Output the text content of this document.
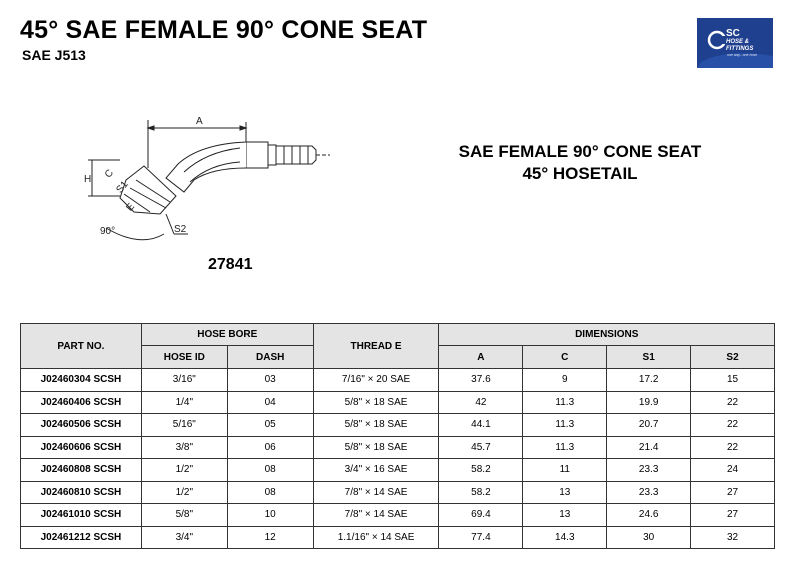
45° SAE FEMALE 90° CONE SEAT
SAE J513
SC
HOSE &
FITTINGS
one way...one hose
A
H C
S1
E
S2
90°
27841
SAE FEMALE 90° CONE SEAT
45° HOSETAIL
PART NO.	HOSE BORE		THREAD E	DIMENSIONS			
	HOSE ID	DASH		A	C	S1	S2
J02460304 SCSH	3/16"	03	7/16" × 20 SAE	37.6	9	17.2	15
J02460406 SCSH	1/4"	04	5/8" × 18 SAE	42	11.3	19.9	22
J02460506 SCSH	5/16"	05	5/8" × 18 SAE	44.1	11.3	20.7	22
J02460606 SCSH	3/8"	06	5/8" × 18 SAE	45.7	11.3	21.4	22
J02460808 SCSH	1/2"	08	3/4" × 16 SAE	58.2	11	23.3	24
J02460810 SCSH	1/2"	08	7/8" × 14 SAE	58.2	13	23.3	27
J02461010 SCSH	5/8"	10	7/8" × 14 SAE	69.4	13	24.6	27
J02461212 SCSH	3/4"	12	1.1/16" × 14 SAE	77.4	14.3	30	32
